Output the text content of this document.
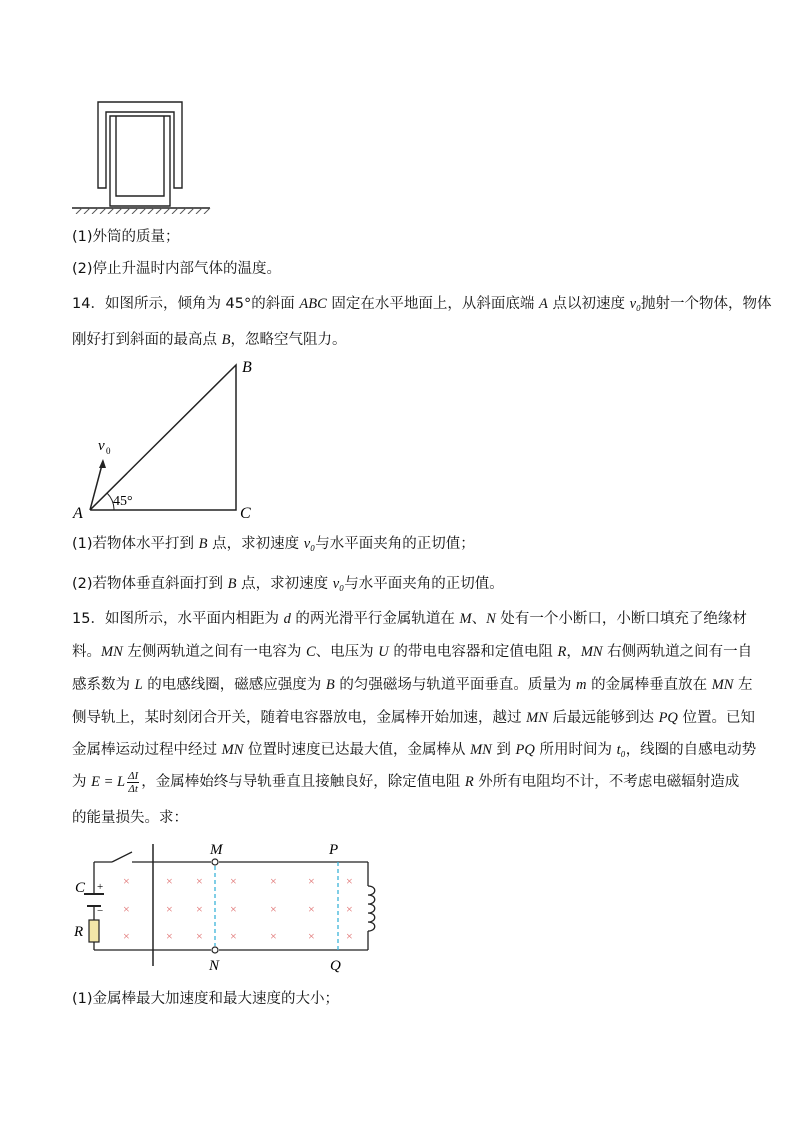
(1)外筒的质量；
(2)停止升温时内部气体的温度。
14．如图所示，倾角为 45°的斜面 ABC 固定在水平地面上，从斜面底端 A 点以初速度 v₀抛射一个物体，物体
刚好打到斜面的最高点 B，忽略空气阻力。
B
A	C
v 0
45°
(1)若物体水平打到 B 点，求初速度 v₀与水平面夹角的正切值；
(2)若物体垂直斜面打到 B 点，求初速度 v₀与水平面夹角的正切值。
15．如图所示，水平面内相距为 d 的两光滑平行金属轨道在 M、N 处有一个小断口，小断口填充了绝缘材
料。MN 左侧两轨道之间有一电容为 C、电压为 U 的带电电容器和定值电阻 R，MN 右侧两轨道之间有一自
感系数为 L 的电感线圈，磁感应强度为 B 的匀强磁场与轨道平面垂直。质量为 m 的金属棒垂直放在 MN 左
侧导轨上，某时刻闭合开关，随着电容器放电，金属棒开始加速，越过 MN 后最远能够到达 PQ 位置。已知
金属棒运动过程中经过 MN 位置时速度已达最大值，金属棒从 MN 到 PQ 所用时间为 t₀，线圈的自感电动势
为 E = L $\frac{\Delta I}{\Delta t}$ ，金属棒始终与导轨垂直且接触良好，除定值电阻 R 外所有电阻均不计，不考虑电磁辐射造成
的能量损失。求：
×	× × ×	×	×	×
×	× × ×	×	×	×
×	× × ×	×	×	×
M
N
P
Q
C
R
+
−
(1)金属棒最大加速度和最大速度的大小；
